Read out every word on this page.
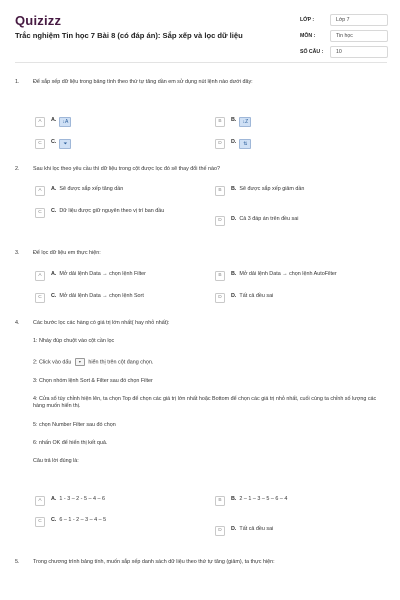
Quizizz
Trắc nghiệm Tin học 7 Bài 8 (có đáp án): Sắp xếp và lọc dữ liệu
LỚP :	Lớp 7
MÔN :	Tin học
SỐ CÂU :	10
1.	Để sắp xếp dữ liệu trong bảng tính theo thứ tự tăng dần em sử dụng nút lệnh nào dưới đây:
A	A.	↓A	B	B.	↓Z
C	C.	⏷	D	D.	⇅
2.	Sau khi lọc theo yêu cầu thì dữ liệu trong cột được lọc đó sẽ thay đổi thế nào?
A	A. Sẽ được sắp xếp tăng dần	B	B. Sẽ được sắp xếp giảm dần
C	C. Dữ liệu được giữ nguyên theo vị trí ban đầu
D	D. Cả 3 đáp án trên đều sai
3.	Để lọc dữ liệu em thực hiện:
A	A. Mở dải lệnh Data → chọn lệnh Filter	B	B. Mở dải lệnh Data → chọn lệnh AutoFilter
C	C. Mở dải lệnh Data → chọn lệnh Sort	D	D. Tất cả đều sai
4.	Các bước lọc các hàng có giá trị lớn nhất( hay nhỏ nhất):
1: Nháy đúp chuột vào cột cần lọc
2: Click vào dấu ▾ hiển thị trên cột đang chọn.
3: Chọn nhóm lệnh Sort & Filter sau đó chọn Filter
4: Cửa sổ tùy chỉnh hiện lên, ta chọn Top để chọn các giá trị lớn nhất hoặc Bottom để chọn các giá trị nhỏ nhất, cuối cùng ta chỉnh số lượng các hàng muốn hiển thị.
5: chọn Number Filter sau đó chọn
6: nhấn OK để hiển thị kết quả.
Câu trả lời đúng là:
A	A. 1 - 3 – 2 - 5 – 4 – 6	B	B. 2 – 1 – 3 – 5 – 6 – 4
C	C. 6 – 1 - 2 – 3 – 4 – 5
D	D. Tất cả đều sai
5.	Trong chương trình bảng tính, muốn sắp xếp danh sách dữ liệu theo thứ tự tăng (giảm), ta thực hiện:
